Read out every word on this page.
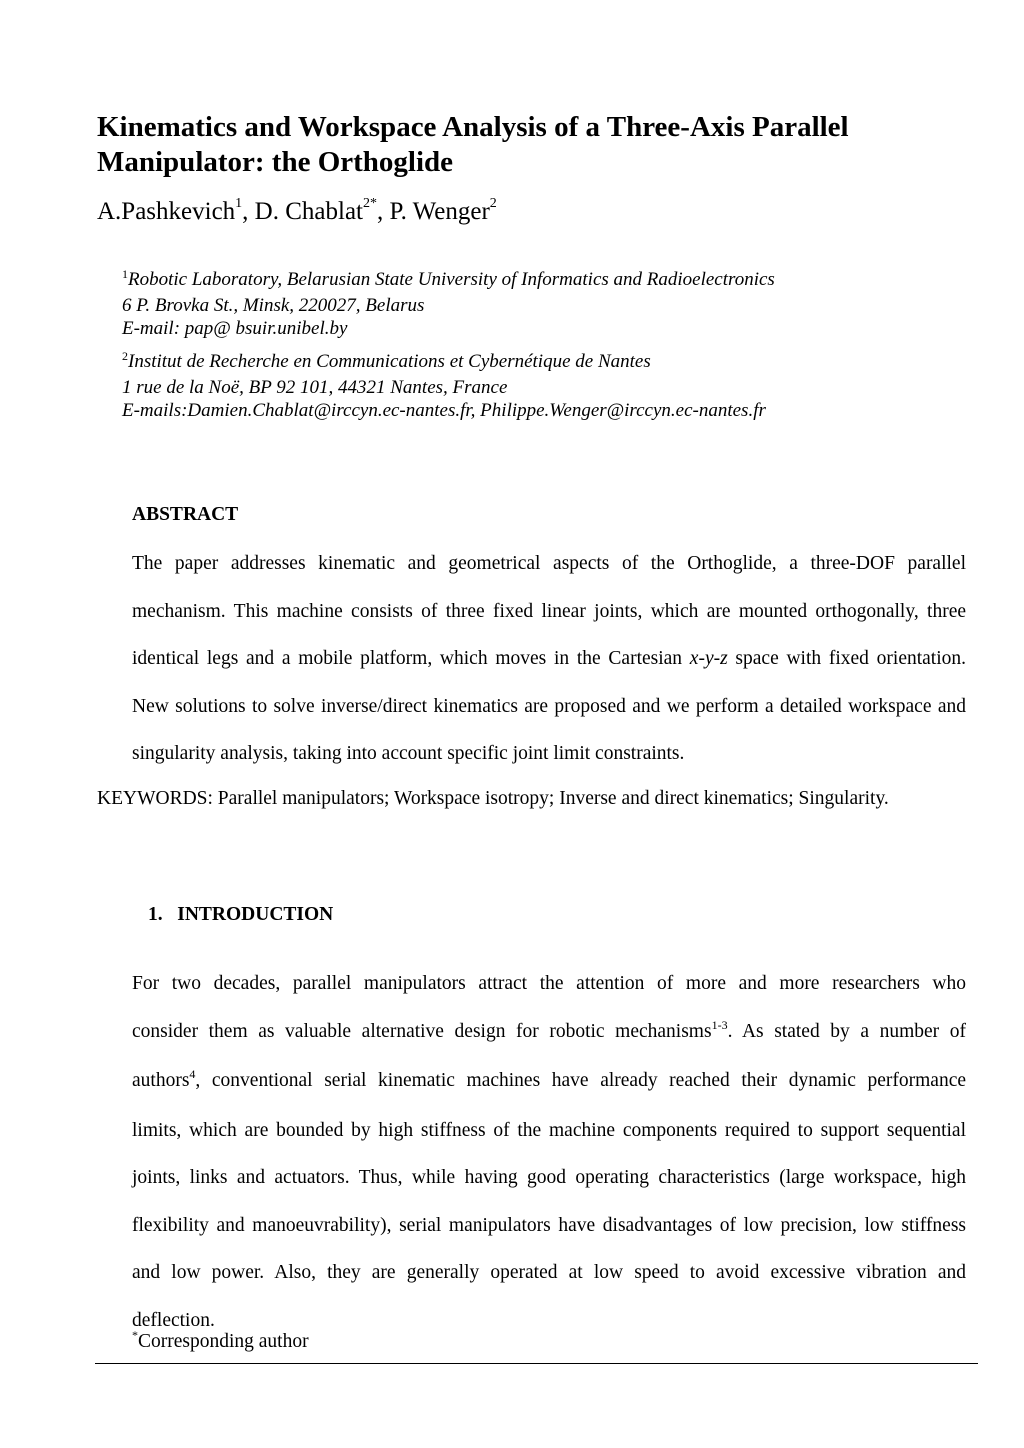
Kinematics and Workspace Analysis of a Three-Axis Parallel Manipulator: the Orthoglide
A.Pashkevich$^1$, D. Chablat$^{2*}$, P. Wenger$^2$
$^1$Robotic Laboratory, Belarusian State University of Informatics and Radioelectronics
6 P. Brovka St., Minsk, 220027, Belarus
E-mail: pap@ bsuir.unibel.by
$^2$Institut de Recherche en Communications et Cybernétique de Nantes
1 rue de la Noë, BP 92 101, 44321 Nantes, France
E-mails:Damien.Chablat@irccyn.ec-nantes.fr, Philippe.Wenger@irccyn.ec-nantes.fr
ABSTRACT
The paper addresses kinematic and geometrical aspects of the Orthoglide, a three-DOF parallel
mechanism. This machine consists of three fixed linear joints, which are mounted orthogonally, three
identical legs and a mobile platform, which moves in the Cartesian x-y-z space with fixed orientation.
New solutions to solve inverse/direct kinematics are proposed and we perform a detailed workspace and
singularity analysis, taking into account specific joint limit constraints.
KEYWORDS: Parallel manipulators; Workspace isotropy; Inverse and direct kinematics; Singularity.
1. INTRODUCTION
For two decades, parallel manipulators attract the attention of more and more researchers who
consider them as valuable alternative design for robotic mechanisms$^{1-3}$. As stated by a number of
authors$^4$, conventional serial kinematic machines have already reached their dynamic performance
limits, which are bounded by high stiffness of the machine components required to support sequential
joints, links and actuators. Thus, while having good operating characteristics (large workspace, high
flexibility and manoeuvrability), serial manipulators have disadvantages of low precision, low stiffness
and low power. Also, they are generally operated at low speed to avoid excessive vibration and
deflection.
*Corresponding author
